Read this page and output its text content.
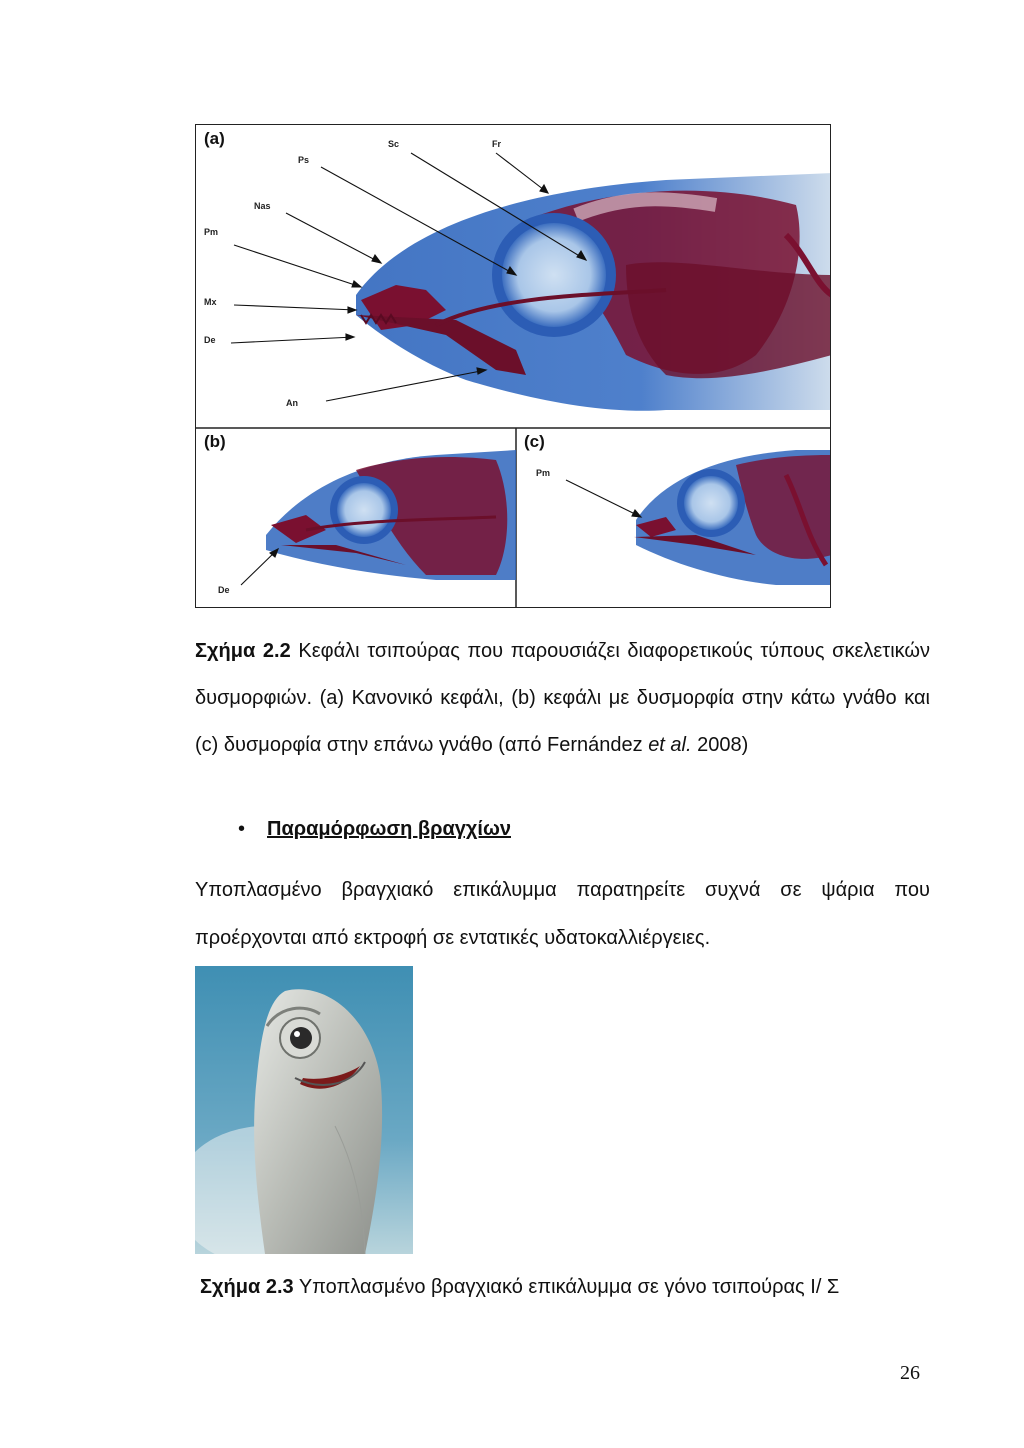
(a)
(b)	(c)
Ps
Sc	Fr
Nas
Pm
Mx
De
An
De
Pm
Σχήμα 2.2 Κεφάλι τσιπούρας που παρουσιάζει διαφορετικούς τύπους σκελετικών δυσμορφιών. (a) Κανονικό κεφάλι, (b) κεφάλι με δυσμορφία στην κάτω γνάθο και (c) δυσμορφία στην επάνω γνάθο (από Fernández et al. 2008)
• Παραμόρφωση βραγχίων
Υποπλασμένο βραγχιακό επικάλυμμα παρατηρείτε συχνά σε ψάρια που προέρχονται από εκτροφή σε εντατικές υδατοκαλλιέργειες.
Σχήμα 2.3 Υποπλασμένο βραγχιακό επικάλυμμα σε γόνο τσιπούρας Ι/ Σ
26
